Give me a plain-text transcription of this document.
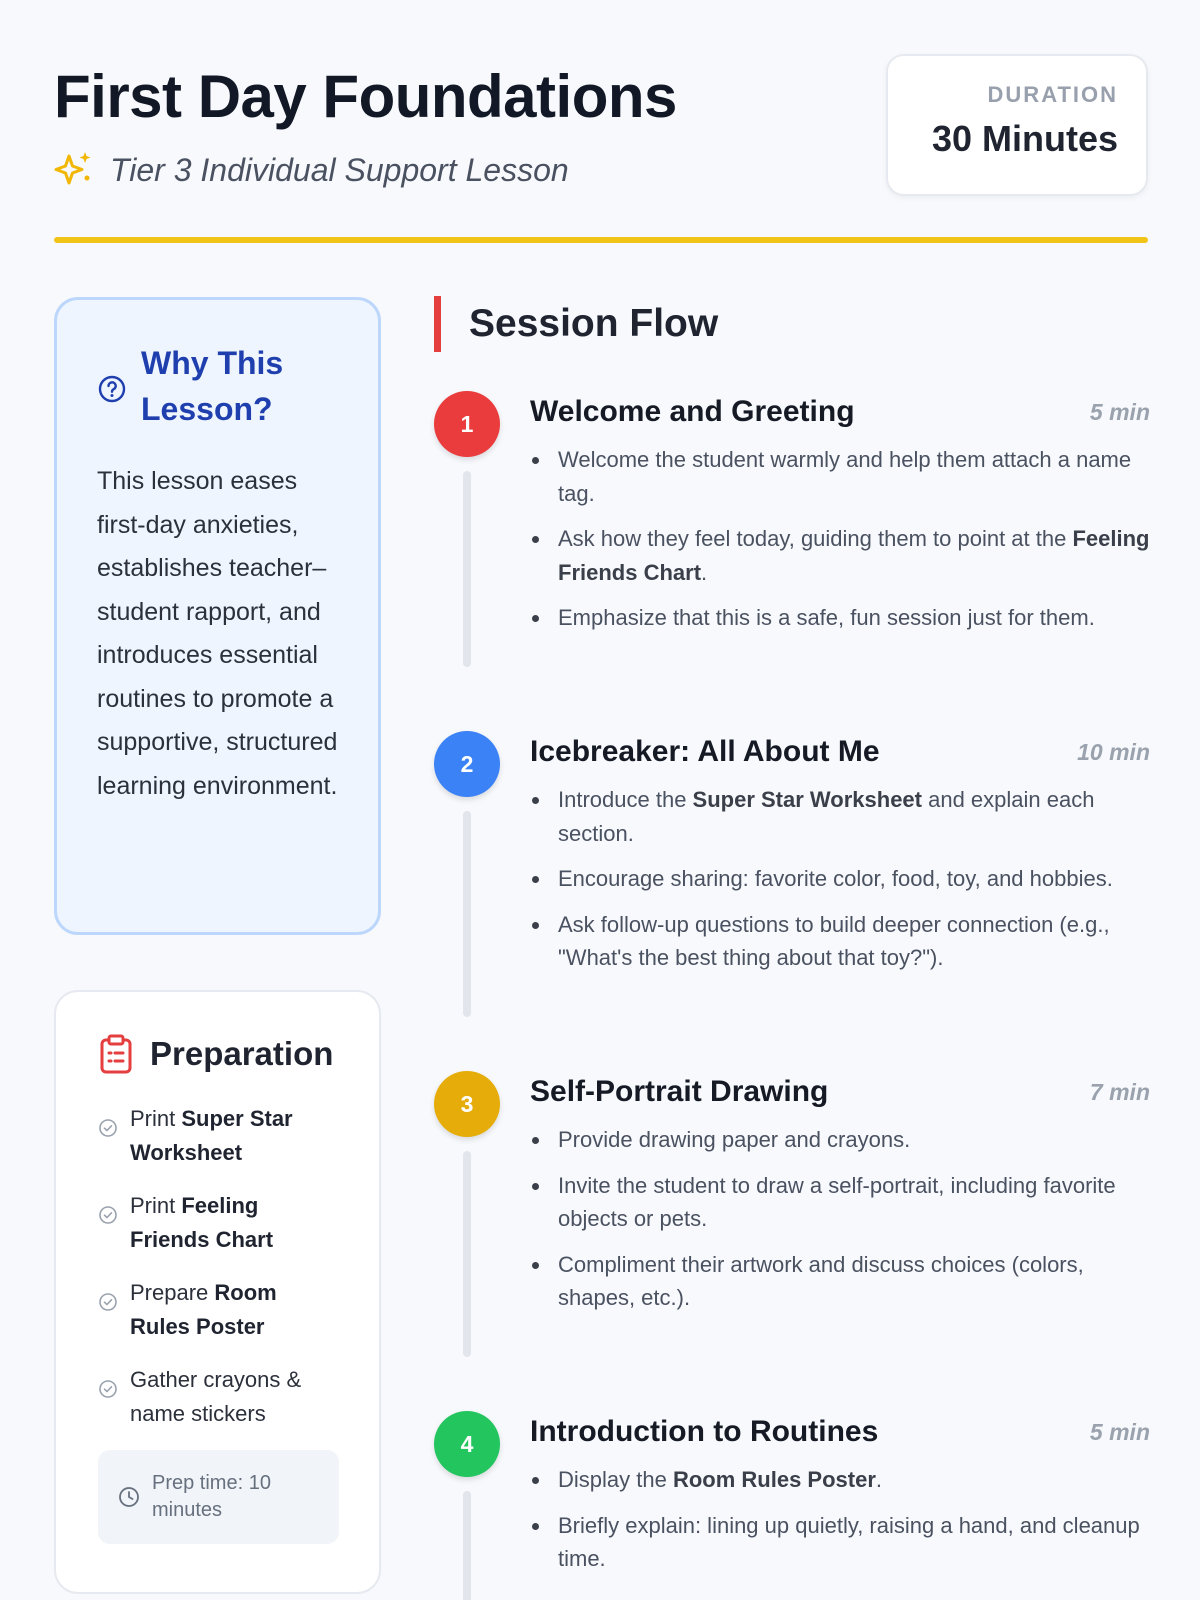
First Day Foundations
Tier 3 Individual Support Lesson
DURATION
30 Minutes
Why This
Lesson?

This lesson eases first-day anxieties, establishes teacher–student rapport, and introduces essential routines to promote a supportive, structured learning environment.

Preparation
Print Super Star Worksheet
Print Feeling Friends Chart
Prepare Room Rules Poster
Gather crayons & name stickers
Prep time: 10 minutes
Session Flow
1	Welcome and Greeting	5 min
Welcome the student warmly and help them attach a name tag.
Ask how they feel today, guiding them to point at the Feeling Friends Chart.
Emphasize that this is a safe, fun session just for them.
2	Icebreaker: All About Me	10 min
Introduce the Super Star Worksheet and explain each section.
Encourage sharing: favorite color, food, toy, and hobbies.
Ask follow-up questions to build deeper connection (e.g., "What's the best thing about that toy?").
3	Self-Portrait Drawing	7 min
Provide drawing paper and crayons.
Invite the student to draw a self-portrait, including favorite objects or pets.
Compliment their artwork and discuss choices (colors, shapes, etc.).
4	Introduction to Routines	5 min
Display the Room Rules Poster.
Briefly explain: lining up quietly, raising a hand, and cleanup time.
